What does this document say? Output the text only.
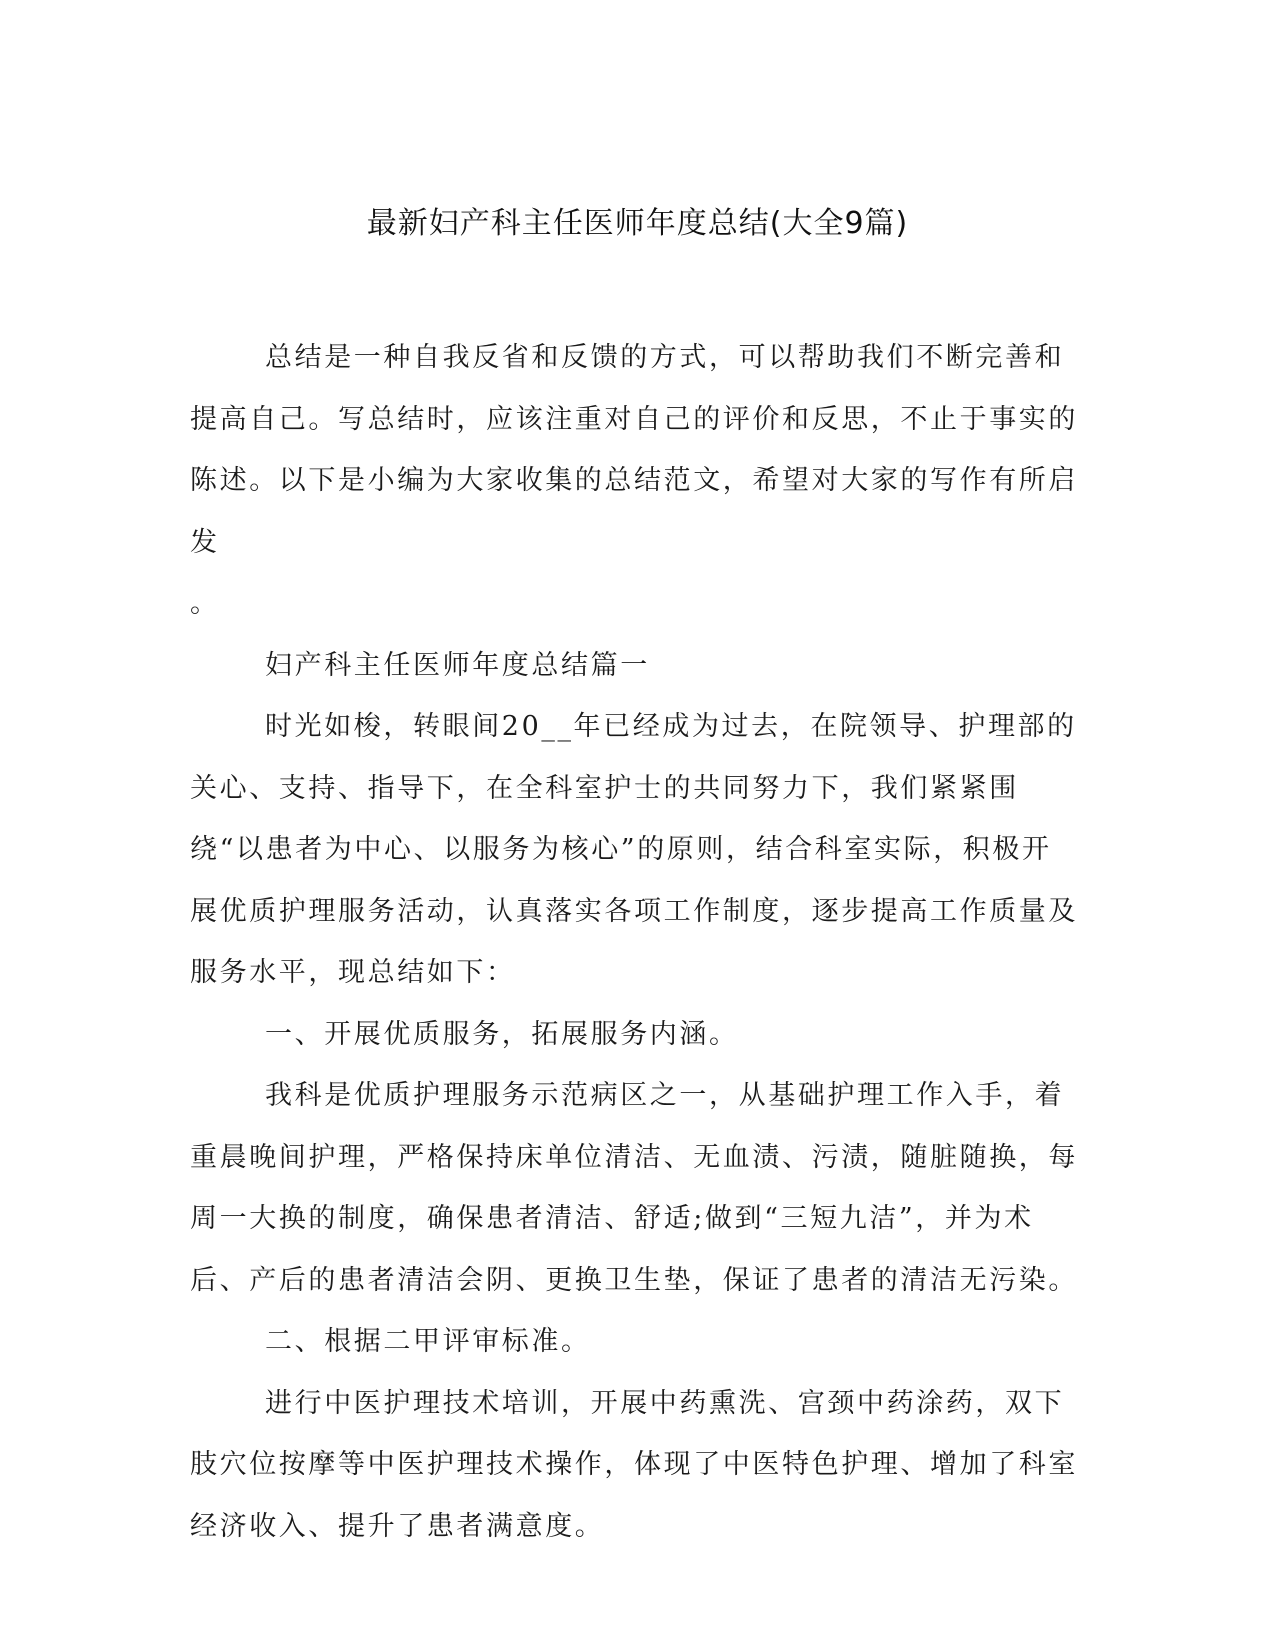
最新妇产科主任医师年度总结(大全9篇)

总结是一种自我反省和反馈的方式，可以帮助我们不断完善和提高自己。写总结时，应该注重对自己的评价和反思，不止于事实的陈述。以下是小编为大家收集的总结范文，希望对大家的写作有所启发

。

妇产科主任医师年度总结篇一

时光如梭，转眼间20__年已经成为过去，在院领导、护理部的关心、支持、指导下，在全科室护士的共同努力下，我们紧紧围绕“以患者为中心、以服务为核心”的原则，结合科室实际，积极开展优质护理服务活动，认真落实各项工作制度，逐步提高工作质量及服务水平，现总结如下：

一、开展优质服务，拓展服务内涵。

我科是优质护理服务示范病区之一，从基础护理工作入手，着重晨晚间护理，严格保持床单位清洁、无血渍、污渍，随脏随换，每周一大换的制度，确保患者清洁、舒适;做到“三短九洁”，并为术后、产后的患者清洁会阴、更换卫生垫，保证了患者的清洁无污染。

二、根据二甲评审标准。

进行中医护理技术培训，开展中药熏洗、宫颈中药涂药，双下肢穴位按摩等中医护理技术操作，体现了中医特色护理、增加了科室经济收入、提升了患者满意度。
